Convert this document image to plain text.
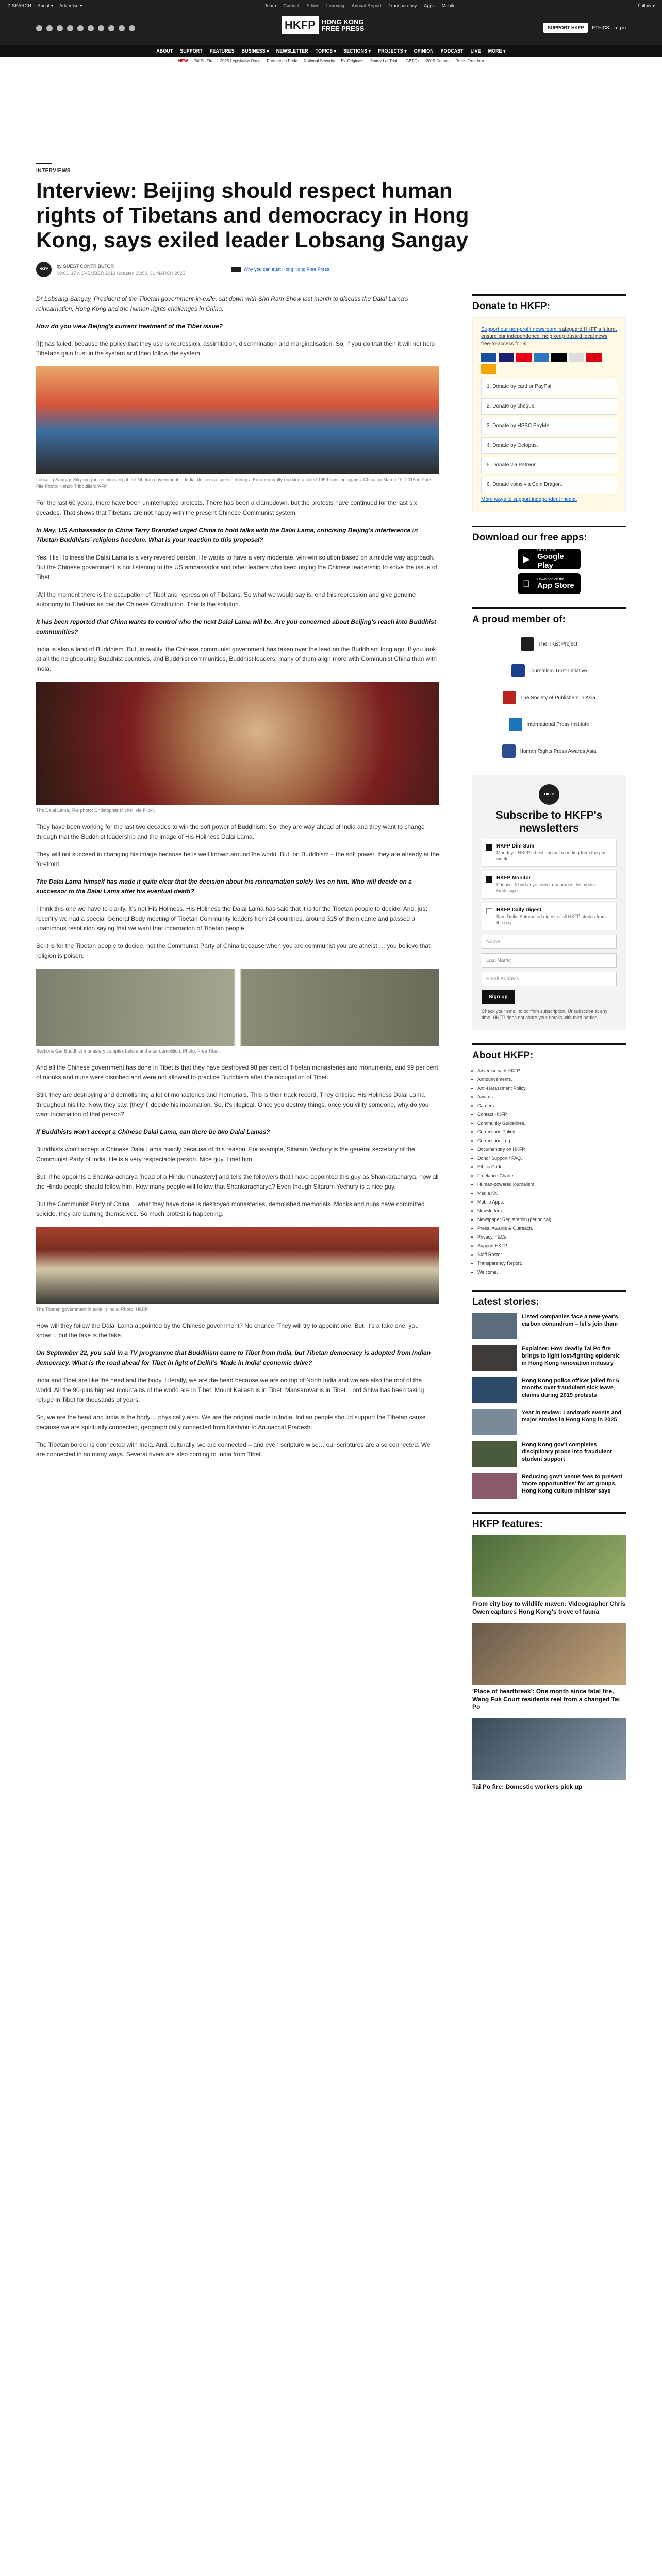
⚲ SEARCH About ▾ Advertise ▾	Team Contact Ethics Learning Annual Report Transparency Apps Mobile	Follow ▾
HKFP HONG KONG
FREE PRESS	SUPPORT HKFP	ETHICS Log in
ABOUT SUPPORT FEATURES BUSINESS ▾ NEWSLETTER TOPICS ▾ SECTIONS ▾ PROJECTS ▾ OPINION PODCAST LIVE MORE ▾
NEW Tai Po Fire 2025 Legislative Race Partners in Pride National Security Ex-Originals Jimmy Lai Trial LGBTQ+ 2019 Demos Press Freedom
INTERVIEWS
Interview: Beijing should respect human rights of Tibetans and democracy in Hong Kong, says exiled leader Lobsang Sangay
HKFP
by GUEST CONTRIBUTOR
09:03, 17 NOVEMBER 2019 Updated 23:50, 31 MARCH 2025
Why you can trust Hong Kong Free Press

Dr Lobsang Sangay, President of the Tibetan government-in-exile, sat down with Shri Ram Show last month to discuss the Dalai Lama's reincarnation, Hong Kong and the human rights challenges in China.

How do you view Beijing's current treatment of the Tibet issue?

[I]t has failed, because the policy that they use is repression, assimilation, discrimination and marginalisation. So, if you do that then it will not help Tibetans gain trust in the system and then follow the system.

Lobsang Sangay. Sikyong (prime minister) of the Tibetan government in India, delivers a speech during a European rally marking a failed 1959 uprising against China on March 10, 2015 in Paris. File Photo: Kenzo Tribouillard/AFP.

For the last 60 years, there have been uninterrupted protests. There has been a clampdown, but the protests have continued for the last six decades. That shows that Tibetans are not happy with the present Chinese Communist system.

In May, US Ambassador to China Terry Branstad urged China to hold talks with the Dalai Lama, criticising Beijing's interference in Tibetan Buddhists' religious freedom. What is your reaction to this proposal?

Yes, His Holiness the Dalai Lama is a very revered person. He wants to have a very moderate, win-win solution based on a middle way approach. But the Chinese government is not listening to the US ambassador and other leaders who keep urging the Chinese leadership to solve the issue of Tibet.

[A]t the moment there is the occupation of Tibet and repression of Tibetans. So what we would say is: end this repression and give genuine autonomy to Tibetans as per the Chinese Constitution. That is the solution.

It has been reported that China wants to control who the next Dalai Lama will be. Are you concerned about Beijing's reach into Buddhist communities?

India is also a land of Buddhism. But, in reality, the Chinese communist government has taken over the lead on the Buddhism long ago. If you look at all the neighbouring Buddhist countries, and Buddhist communities, Buddhist leaders, many of them align more with Communist China than with India.

The Dalai Lama. File photo: Christopher Michel, via Flickr.

They have been working for the last two decades to win the soft power of Buddhism. So, they are way ahead of India and they want to change through that the Buddhist leadership and the image of His Holiness Dalai Lama.

They will not succeed in changing his image because he is well known around the world. But, on Buddhism – the soft power, they are already at the forefront.

The Dalai Lama himself has made it quite clear that the decision about his reincarnation solely lies on him. Who will decide on a successor to the Dalai Lama after his eventual death?

I think this one we have to clarify. It's not His Holiness. His Holiness the Dalai Lama has said that it is for the Tibetan people to decide. And, just recently we had a special General Body meeting of Tibetan Community leaders from 24 countries, around 315 of them came and passed a unanimous resolution saying that we want that incarnation of Tibetan people.

So it is for the Tibetan people to decide, not the Communist Party of China because when you are communist you are atheist … you believe that religion is poison.

Sections Gar Buddhist monastery complex before and after demolition. Photo: Free Tibet.

And all the Chinese government has done in Tibet is that they have destroyed 98 per cent of Tibetan monasteries and monuments, and 99 per cent of monks and nuns were disrobed and were not allowed to practice Buddhism after the occupation of Tibet.

Still, they are destroying and demolishing a lot of monasteries and memorials. This is their track record. They criticise His Holiness Dalai Lama throughout his life. Now, they say, [they'll] decide his incarnation. So, it's illogical. Once you destroy things, once you vilify someone, why do you want incarnation of that person?

If Buddhists won't accept a Chinese Dalai Lama, can there be two Dalai Lamas?

Buddhists won't accept a Chinese Dalai Lama mainly because of this reason. For example, Sitaram Yechury is the general secretary of the Communist Party of India. He is a very respectable person. Nice guy. I met him.

But, if he appoints a Shankaracharya [head of a Hindu monastery] and tells the followers that I have appointed this guy as Shankaracharya, now all the Hindu people should follow him. How many people will follow that Shankaracharya? Even though Sitaram Yechury is a nice guy.

But the Communist Party of China… what they have done is destroyed monasteries, demolished memorials. Monks and nuns have committed suicide, they are burning themselves. So much protest is happening.

The Tibetan government in exile in India. Photo: HKFP.

How will they follow the Dalai Lama appointed by the Chinese government? No chance. They will try to appoint one. But, it's a fake one, you know… but the fake is the fake.

On September 22, you said in a TV programme that Buddhism came to Tibet from India, but Tibetan democracy is adopted from Indian democracy. What is the road ahead for Tibet in light of Delhi's 'Made in India' economic drive?

India and Tibet are like the head and the body. Literally, we are the head because we are on top of North India and we are also the roof of the world. All the 90-plus highest mountains of the world are in Tibet. Mount Kailash is in Tibet. Mansarovar is in Tibet. Lord Shiva has been taking refuge in Tibet for thousands of years.

So, we are the head and India is the body… physically also. We are the original made in India. Indian people should support the Tibetan cause because we are spiritually connected, geographically connected from Kashmir to Arunachal Pradesh.

The Tibetan border is connected with India. And, culturally, we are connected – and even scripture wise… our scriptures are also connected. We are connected in so many ways. Several rivers are also coming to India from Tibet.

Donate to HKFP:
Support our non-profit newsroom: safeguard HKFP's future, ensure our independence, help keep trusted local news free-to-access for all.
1. Donate by card or PayPal.
2. Donate by cheque.
3. Donate by HSBC PayMe.
4. Donate by Octopus.
5. Donate via Patreon.
6. Donate coins via Coin Dragon.
More ways to support independent media.
Download our free apps:
▶
GET IT ON
Google Play
Download on the
App Store
A proud member of:
The Trust Project
Journalism Trust Initiative
The Society of Publishers in Asia
International Press Institute
Human Rights Press Awards Asia
HKFP
Subscribe to HKFP's newsletters
HKFP Dim Sum
Mondays: HKFP's best original reporting from the past week.
HKFP Monitor
Fridays: A birds-eye view from across the media landscape.
HKFP Daily Digest
9am Daily: Automated digest of all HKFP stories from the day.
Name
Last Name
Email Address
Sign up
Check your email to confirm subscription. Unsubscribe at any time. HKFP does not share your details with third parties.
About HKFP:
• Advertise with HKFP.
• Announcements.
• Anti-Harassment Policy.
• Awards.
• Careers.
• Contact HKFP.
• Community Guidelines.
• Corrections Policy.
• Corrections Log.
• Documentary on HKFP.
• Donor Support / FAQ.
• Ethics Code.
• Freelance Charter.
• Human-powered journalism.
• Media Kit.
• Mobile Apps.
• Newsletters.
• Newspaper Registration (periodical).
• Press, Awards & Outreach.
• Privacy, T&Cs.
• Support HKFP.
• Staff Roster.
• Transparency Report.
• Welcome.
Latest stories:
Listed companies face a new-year's carbon conundrum – let's join them
Explainer: How deadly Tai Po fire brings to light lost-fighting epidemic in Hong Kong renovation industry
Hong Kong police officer jailed for 6 months over fraudulent sick leave claims during 2019 protests
Year in review: Landmark events and major stories in Hong Kong in 2025
Hong Kong gov't completes disciplinary probe into fraudulent student support
Reducing gov't venue fees to present 'more opportunities' for art groups, Hong Kong culture minister says
HKFP features:
From city boy to wildlife maven: Videographer Chris Owen captures Hong Kong's trove of fauna
'Place of heartbreak': One month since fatal fire, Wang Fuk Court residents reel from a changed Tai Po
Tai Po fire: Domestic workers pick up
